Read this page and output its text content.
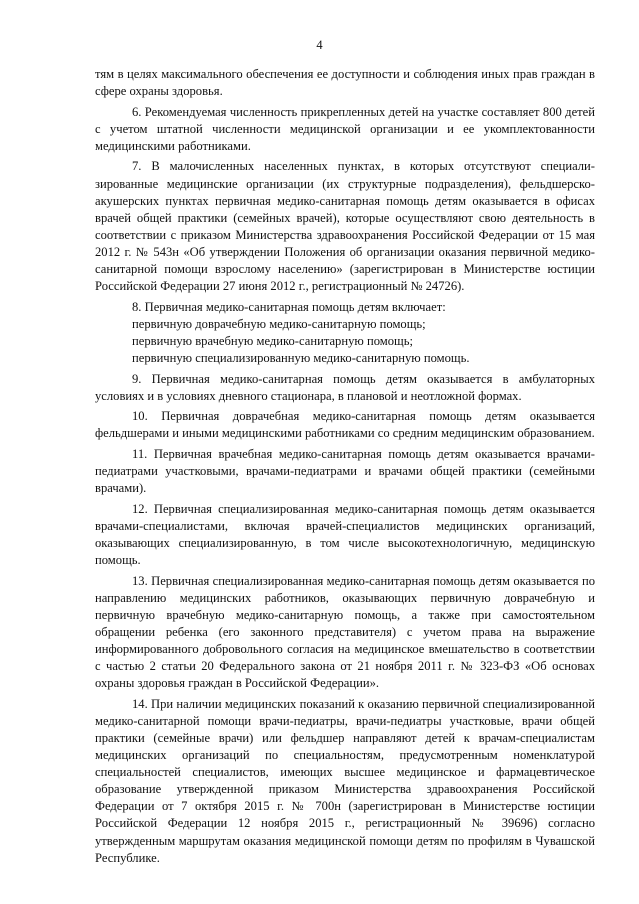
4

тям в целях максимального обеспечения ее доступности и соблюдения иных прав граждан в сфере охраны здоровья.

6. Рекомендуемая численность прикрепленных детей на участке составляет 800 детей с учетом штатной численности медицинской организации и ее укомплектованности медицинскими работниками.

7. В малочисленных населенных пунктах, в которых отсутствуют специализированные медицинские организации (их структурные подразделения), фельдшерско-акушерских пунктах первичная медико-санитарная помощь детям оказывается в офисах врачей общей практики (семейных врачей), которые осуществляют свою деятельность в соответствии с приказом Министерства здравоохранения Российской Федерации от 15 мая 2012 г. № 543н «Об утверждении Положения об организации оказания первичной медико-санитарной помощи взрослому населению» (зарегистрирован в Министерстве юстиции Российской Федерации 27 июня 2012 г., регистрационный № 24726).

8. Первичная медико-санитарная помощь детям включает:

первичную доврачебную медико-санитарную помощь;

первичную врачебную медико-санитарную помощь;

первичную специализированную медико-санитарную помощь.

9. Первичная медико-санитарная помощь детям оказывается в амбулаторных условиях и в условиях дневного стационара, в плановой и неотложной формах.

10. Первичная доврачебная медико-санитарная помощь детям оказывается фельдшерами и иными медицинскими работниками со средним медицинским образованием.

11. Первичная врачебная медико-санитарная помощь детям оказывается врачами-педиатрами участковыми, врачами-педиатрами и врачами общей практики (семейными врачами).

12. Первичная специализированная медико-санитарная помощь детям оказывается врачами-специалистами, включая врачей-специалистов медицинских организаций, оказывающих специализированную, в том числе высокотехнологичную, медицинскую помощь.

13. Первичная специализированная медико-санитарная помощь детям оказывается по направлению медицинских работников, оказывающих первичную доврачебную и первичную врачебную медико-санитарную помощь, а также при самостоятельном обращении ребенка (его законного представителя) с учетом права на выражение информированного добровольного согласия на медицинское вмешательство в соответствии с частью 2 статьи 20 Федерального закона от 21 ноября 2011 г. № 323-ФЗ «Об основах охраны здоровья граждан в Российской Федерации».

14. При наличии медицинских показаний к оказанию первичной специализированной медико-санитарной помощи врачи-педиатры, врачи-педиатры участковые, врачи общей практики (семейные врачи) или фельдшер направляют детей к врачам-специалистам медицинских организаций по специальностям, предусмотренным номенклатурой специальностей специалистов, имеющих высшее медицинское и фармацевтическое образование утвержденной приказом Министерства здравоохранения Российской Федерации от 7 октября 2015 г. № 700н (зарегистрирован в Министерстве юстиции Российской Федерации 12 ноября 2015 г., регистрационный № 39696) согласно утвержденным маршрутам оказания медицинской помощи детям по профилям в Чувашской Республике.
